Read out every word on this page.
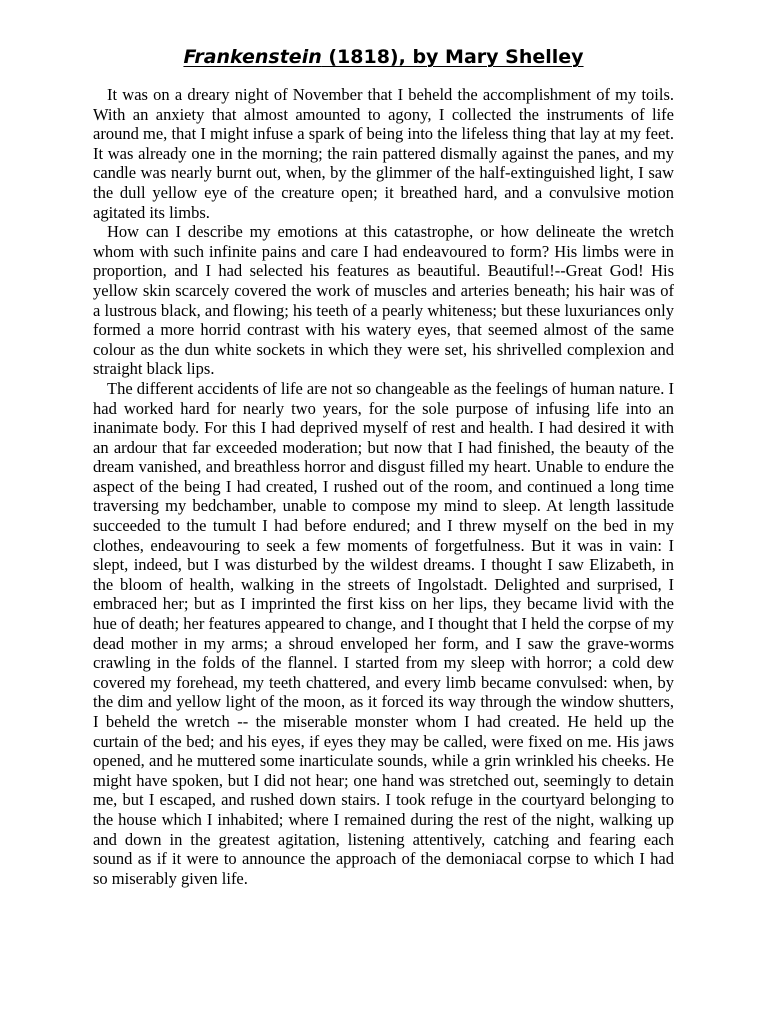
Frankenstein (1818), by Mary Shelley

It was on a dreary night of November that I beheld the accomplishment of my toils. With an anxiety that almost amounted to agony, I collected the instruments of life around me, that I might infuse a spark of being into the lifeless thing that lay at my feet. It was already one in the morning; the rain pattered dismally against the panes, and my candle was nearly burnt out, when, by the glimmer of the half-extinguished light, I saw the dull yellow eye of the creature open; it breathed hard, and a convulsive motion agitated its limbs.

How can I describe my emotions at this catastrophe, or how delineate the wretch whom with such infinite pains and care I had endeavoured to form? His limbs were in proportion, and I had selected his features as beautiful. Beautiful!--Great God! His yellow skin scarcely covered the work of muscles and arteries beneath; his hair was of a lustrous black, and flowing; his teeth of a pearly whiteness; but these luxuriances only formed a more horrid contrast with his watery eyes, that seemed almost of the same colour as the dun white sockets in which they were set, his shrivelled complexion and straight black lips.

The different accidents of life are not so changeable as the feelings of human nature. I had worked hard for nearly two years, for the sole purpose of infusing life into an inanimate body. For this I had deprived myself of rest and health. I had desired it with an ardour that far exceeded moderation; but now that I had finished, the beauty of the dream vanished, and breathless horror and disgust filled my heart. Unable to endure the aspect of the being I had created, I rushed out of the room, and continued a long time traversing my bedchamber, unable to compose my mind to sleep. At length lassitude succeeded to the tumult I had before endured; and I threw myself on the bed in my clothes, endeavouring to seek a few moments of forgetfulness. But it was in vain: I slept, indeed, but I was disturbed by the wildest dreams. I thought I saw Elizabeth, in the bloom of health, walking in the streets of Ingolstadt. Delighted and surprised, I embraced her; but as I imprinted the first kiss on her lips, they became livid with the hue of death; her features appeared to change, and I thought that I held the corpse of my dead mother in my arms; a shroud enveloped her form, and I saw the grave-worms crawling in the folds of the flannel. I started from my sleep with horror; a cold dew covered my forehead, my teeth chattered, and every limb became convulsed: when, by the dim and yellow light of the moon, as it forced its way through the window shutters, I beheld the wretch -- the miserable monster whom I had created. He held up the curtain of the bed; and his eyes, if eyes they may be called, were fixed on me. His jaws opened, and he muttered some inarticulate sounds, while a grin wrinkled his cheeks. He might have spoken, but I did not hear; one hand was stretched out, seemingly to detain me, but I escaped, and rushed down stairs. I took refuge in the courtyard belonging to the house which I inhabited; where I remained during the rest of the night, walking up and down in the greatest agitation, listening attentively, catching and fearing each sound as if it were to announce the approach of the demoniacal corpse to which I had so miserably given life.
